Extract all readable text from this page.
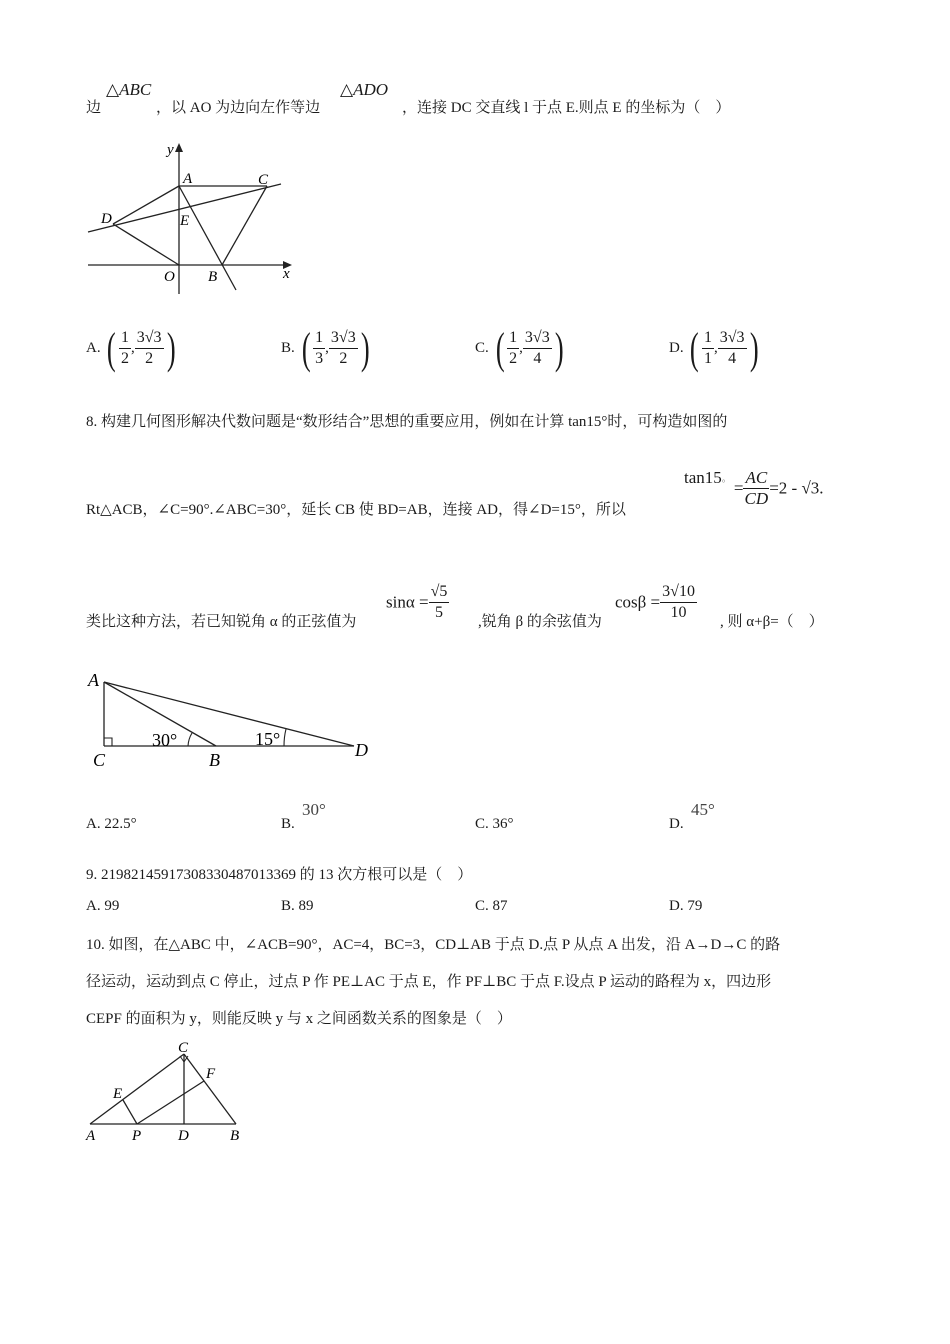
边
△ABC
，以 AO 为边向左作等边
△ADO
，连接 DC 交直线 l 于点 E.则点 E 的坐标为（　）
y
x
A	C
D	E
O B
A. ( $\frac{1}{2}$ , $\frac{3√3}{2}$ )	B. ( $\frac{1}{3}$ , $\frac{3√3}{2}$ )	C. ( $\frac{1}{2}$ , $\frac{3√3}{4}$ )	D. ( $\frac{1}{1}$ , $\frac{3√3}{4}$ )
8. 构建几何图形解决代数问题是“数形结合”思想的重要应用，例如在计算 tan15°时，可构造如图的
Rt△ACB，∠C=90°.∠ABC=30°，延长 CB 使 BD=AB，连接 AD，得∠D=15°，所以
$\tan 15^\circ = \frac{AC}{CD} =2 - √3$.
类比这种方法，若已知锐角 α 的正弦值为
$\sin\alpha = \frac{√5}{5}$ ,锐角 β 的余弦值为
$\cos\beta = \frac{3√10}{10}$ , 则 α+β=（　）
A
C	B	D
30°	15°
A. 22.5°	B.
30°
C. 36°	D.
45°
9. 2198214591730833048701336​9 的 13 次方根可以是（　）
A. 99	B. 89	C. 87	D. 79
10. 如图，在△ABC 中，∠ACB=90°，AC=4，BC=3，CD⊥AB 于点 D.点 P 从点 A 出发，沿 A→D→C 的路
径运动，运动到点 C 停止，过点 P 作 PE⊥AC 于点 E，作 PF⊥BC 于点 F.设点 P 运动的路程为 x，四边形
CEPF 的面积为 y，则能反映 y 与 x 之间函数关系的图象是（　）
C
F
E
A P D	B
